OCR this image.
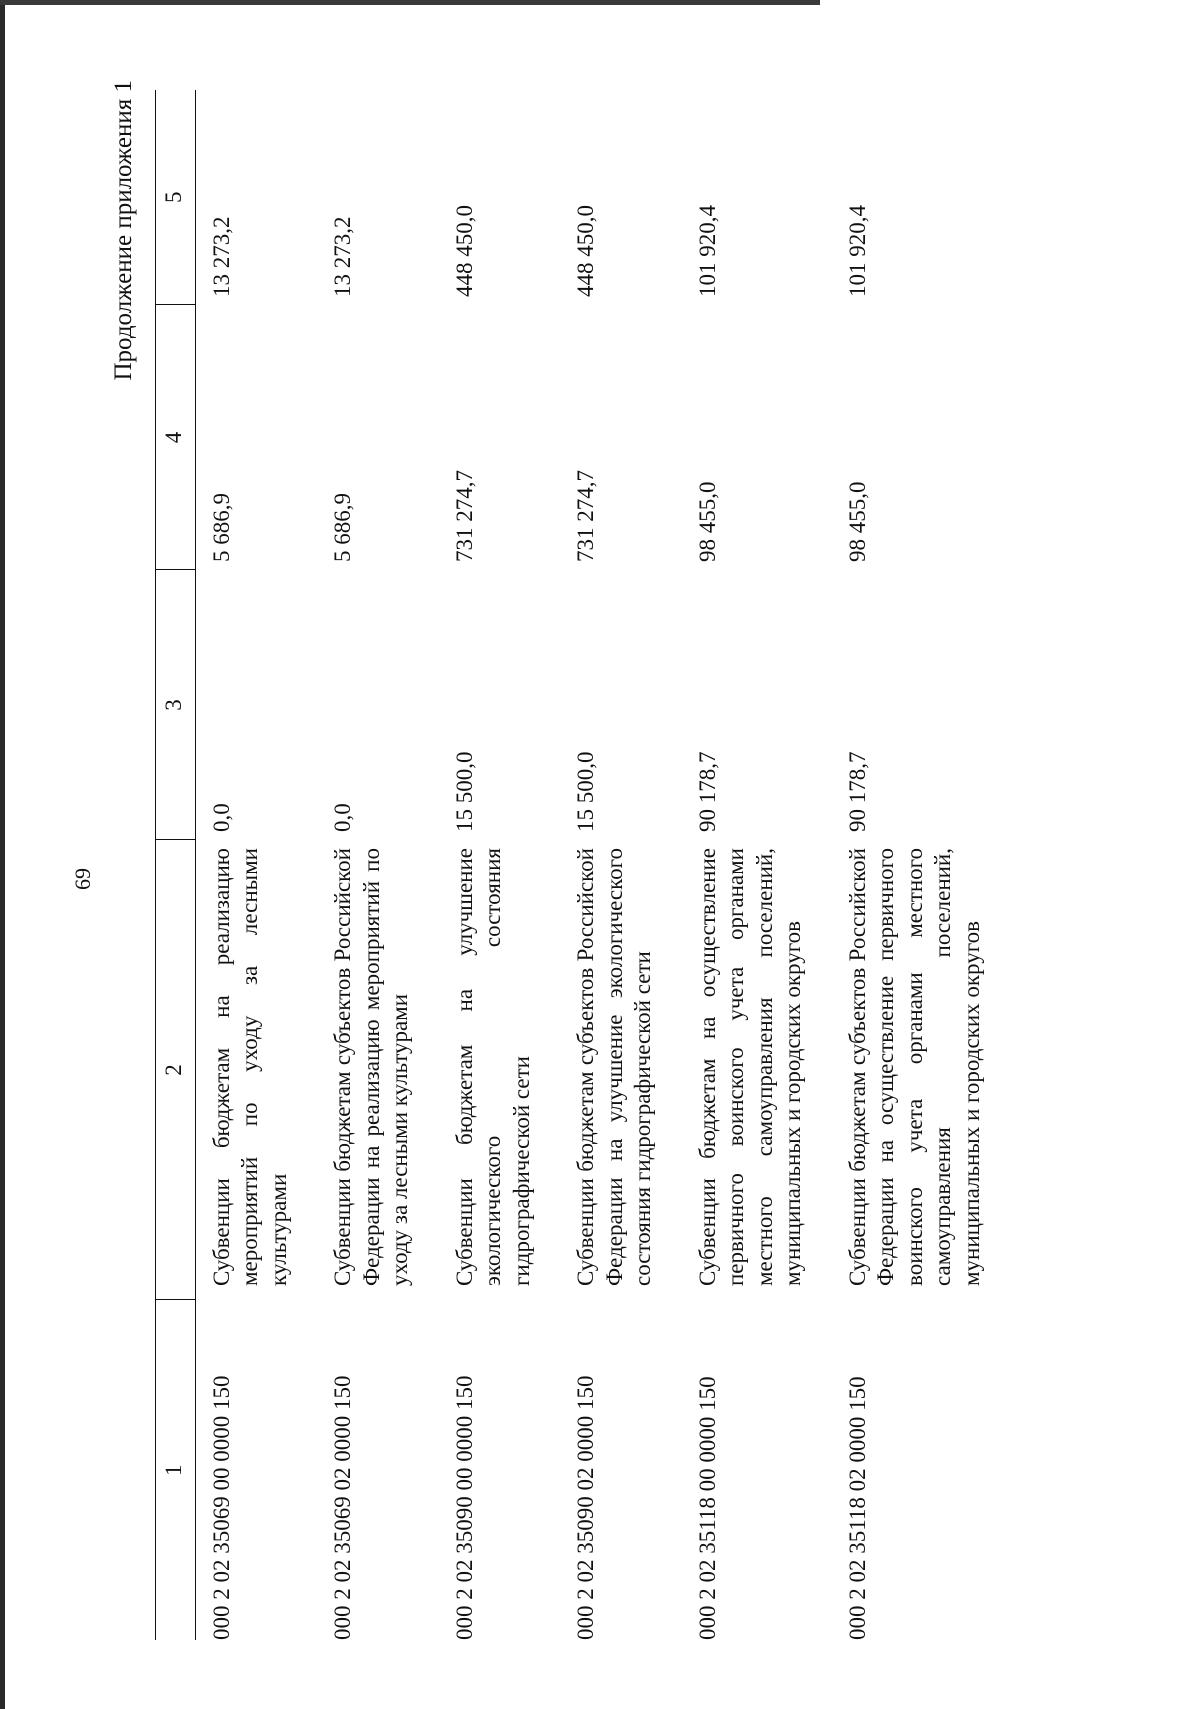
69
Продолжение приложения 1
1	2	3	4	5
000 2 02 35069 00 0000 150	Субвенции бюджетам на реализацию мероприятий по уходу за лесными культурами	0,0	5 686,9	13 273,2
000 2 02 35069 02 0000 150	Субвенции бюджетам субъектов Российской Федерации на реализацию мероприятий по уходу за лесными культурами	0,0	5 686,9	13 273,2
000 2 02 35090 00 0000 150	Субвенции бюджетам на улучшение экологического состояния гидрографической сети	15 500,0	731 274,7	448 450,0
000 2 02 35090 02 0000 150	Субвенции бюджетам субъектов Российской Федерации на улучшение экологического состояния гидрографической сети	15 500,0	731 274,7	448 450,0
000 2 02 35118 00 0000 150	Субвенции бюджетам на осуществление первичного воинского учета органами местного самоуправления поселений, муниципальных и городских округов	90 178,7	98 455,0	101 920,4
000 2 02 35118 02 0000 150	Субвенции бюджетам субъектов Российской Федерации на осуществление первичного воинского учета органами местного самоуправления поселений, муниципальных и городских округов	90 178,7	98 455,0	101 920,4
